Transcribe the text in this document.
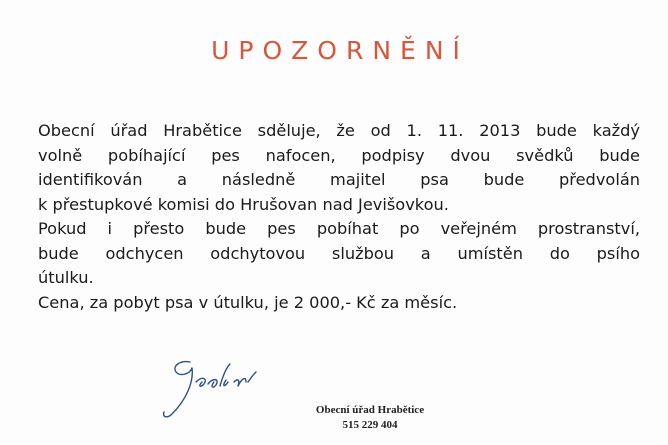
UPOZORNĚNÍ

Obecní úřad Hrabětice sděluje, že od 1. 11. 2013 bude každý
volně pobíhající pes nafocen, podpisy dvou svědků bude
identifikován a následně majitel psa bude předvolán
k přestupkové komisi do Hrušovan nad Jevišovkou.

Pokud i přesto bude pes pobíhat po veřejném prostranství,
bude odchycen odchytovou službou a umístěn do psího
útulku.

Cena, za pobyt psa v útulku, je 2 000,- Kč za měsíc.

Obecní úřad Hrabětice
515 229 404
